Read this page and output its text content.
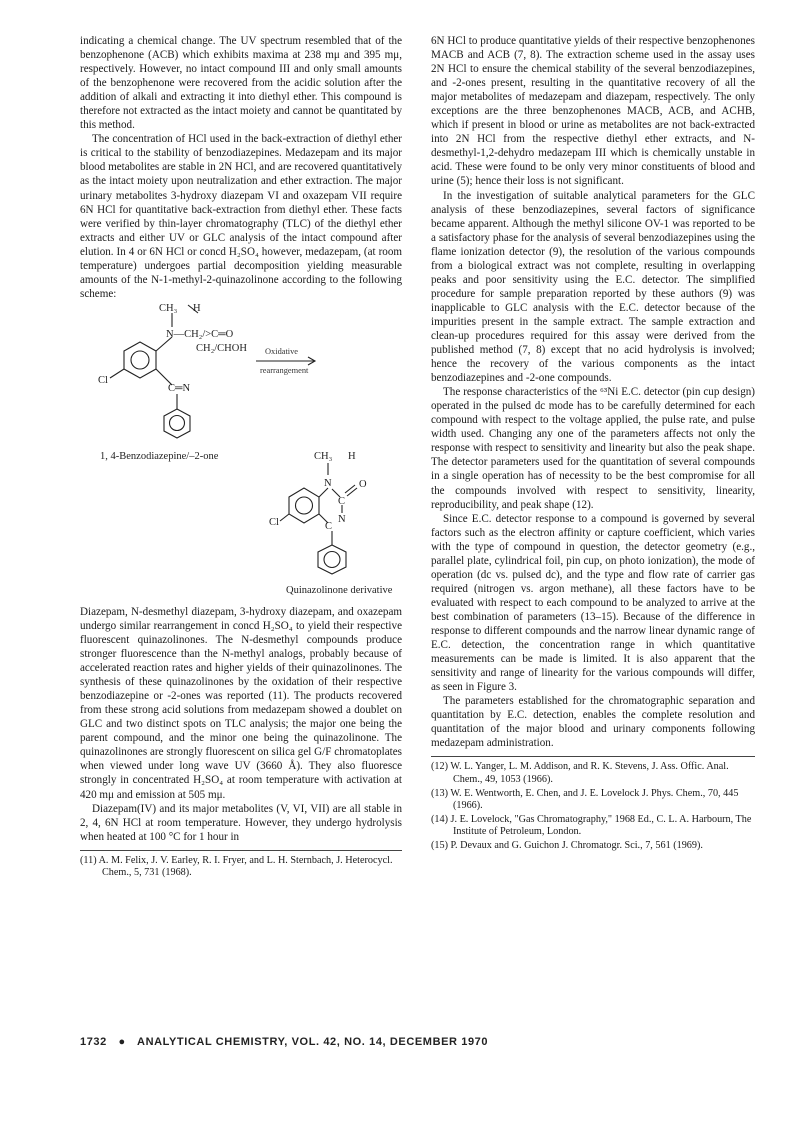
indicating a chemical change. The UV spectrum resembled that of the benzophenone (ACB) which exhibits maxima at 238 mμ and 395 mμ, respectively. However, no intact compound III and only small amounts of the benzophenone were recovered from the acidic solution after the addition of alkali and extracting it into diethyl ether. This compound is therefore not extracted as the intact moiety and cannot be quantitated by this method.

The concentration of HCl used in the back-extraction of diethyl ether is critical to the stability of benzodiazepines. Medazepam and its major blood metabolites are stable in 2N HCl, and are recovered quantitatively as the intact moiety upon neutralization and ether extraction. The major urinary metabolites 3-hydroxy diazepam VI and oxazepam VII require 6N HCl for quantitative back-extraction from diethyl ether. These facts were verified by thin-layer chromatography (TLC) of the diethyl ether extracts and either UV or GLC analysis of the intact compound after elution. In 4 or 6N HCl or concd H₂SO₄ however, medazepam, (at room temperature) undergoes partial decomposition yielding measurable amounts of the N-1-methyl-2-quinazolinone according to the following scheme:

CH₃ H
N—CH₂/>C═O
CH₂/CHOH
Cl
C═N
CH₃ H
N
C
O
C
N
Cl
Oxidative
rearrangement
1, 4-Benzodiazepine/–2-one
Quinazolinone derivative

Diazepam, N-desmethyl diazepam, 3-hydroxy diazepam, and oxazepam undergo similar rearrangement in concd H₂SO₄ to yield their respective fluorescent quinazolinones. The N-desmethyl compounds produce stronger fluorescence than the N-methyl analogs, probably because of accelerated reaction rates and higher yields of their quinazolinones. The synthesis of these quinazolinones by the oxidation of their respective benzodiazepine or -2-ones was reported (11). The products recovered from these strong acid solutions from medazepam showed a doublet on GLC and two distinct spots on TLC analysis; the major one being the parent compound, and the minor one being the quinazolinone. The quinazolinones are strongly fluorescent on silica gel G/F chromatoplates when viewed under long wave UV (3660 Å). They also fluoresce strongly in concentrated H₂SO₄ at room temperature with activation at 420 mμ and emission at 505 mμ.

Diazepam(IV) and its major metabolites (V, VI, VII) are all stable in 2, 4, 6N HCl at room temperature. However, they undergo hydrolysis when heated at 100 °C for 1 hour in

(11) A. M. Felix, J. V. Earley, R. I. Fryer, and L. H. Sternbach, J. Heterocycl. Chem., 5, 731 (1968).

6N HCl to produce quantitative yields of their respective benzophenones MACB and ACB (7, 8). The extraction scheme used in the assay uses 2N HCl to ensure the chemical stability of the several benzodiazepines, and -2-ones present, resulting in the quantitative recovery of all the major metabolites of medazepam and diazepam, respectively. The only exceptions are the three benzophenones MACB, ACB, and ACHB, which if present in blood or urine as metabolites are not back-extracted into 2N HCl from the respective diethyl ether extracts, and N-desmethyl-1,2-dehydro medazepam III which is chemically unstable in acid. These were found to be only very minor constituents of blood and urine (5); hence their loss is not significant.

In the investigation of suitable analytical parameters for the GLC analysis of these benzodiazepines, several factors of significance became apparent. Although the methyl silicone OV-1 was reported to be a satisfactory phase for the analysis of several benzodiazepines using the flame ionization detector (9), the resolution of the various compounds from a biological extract was not complete, resulting in overlapping peaks and poor sensitivity using the E.C. detector. The simplified procedure for sample preparation reported by these authors (9) was inapplicable to GLC analysis with the E.C. detector because of the impurities present in the sample extract. The sample extraction and clean-up procedures required for this assay were derived from the published method (7, 8) except that no acid hydrolysis is involved; hence the recovery of the various components as the intact benzodiazepines and -2-one compounds.

The response characteristics of the ⁶³Ni E.C. detector (pin cup design) operated in the pulsed dc mode has to be carefully determined for each compound with respect to the voltage applied, the pulse rate, and pulse width used. Changing any one of the parameters affects not only the response with respect to sensitivity and linearity but also the peak shape. The detector parameters used for the quantitation of several compounds in a single operation has of necessity to be the best compromise for all the compounds involved with respect to sensitivity, linearity, reproducibility, and peak shape (12).

Since E.C. detector response to a compound is governed by several factors such as the electron affinity or capture coefficient, which varies with the type of compound in question, the detector geometry (e.g., parallel plate, cylindrical foil, pin cup, on photo ionization), the mode of operation (dc vs. pulsed dc), and the type and flow rate of carrier gas required (nitrogen vs. argon methane), all these factors have to be evaluated with respect to each compound to be analyzed to arrive at the best combination of parameters (13–15). Because of the difference in response to different compounds and the narrow linear dynamic range of E.C. detection, the concentration range in which quantitative measurements can be made is limited. It is also apparent that the sensitivity and range of linearity for the various compounds will differ, as seen in Figure 3.

The parameters established for the chromatographic separation and quantitation by E.C. detection, enables the complete resolution and quantitation of the major blood and urinary components following medazepam administration.

(12) W. L. Yanger, L. M. Addison, and R. K. Stevens, J. Ass. Offic. Anal. Chem., 49, 1053 (1966).

(13) W. E. Wentworth, E. Chen, and J. E. Lovelock J. Phys. Chem., 70, 445 (1966).

(14) J. E. Lovelock, "Gas Chromatography," 1968 Ed., C. L. A. Harbourn, The Institute of Petroleum, London.

(15) P. Devaux and G. Guichon J. Chromatogr. Sci., 7, 561 (1969).

1732 ● ANALYTICAL CHEMISTRY, VOL. 42, NO. 14, DECEMBER 1970
